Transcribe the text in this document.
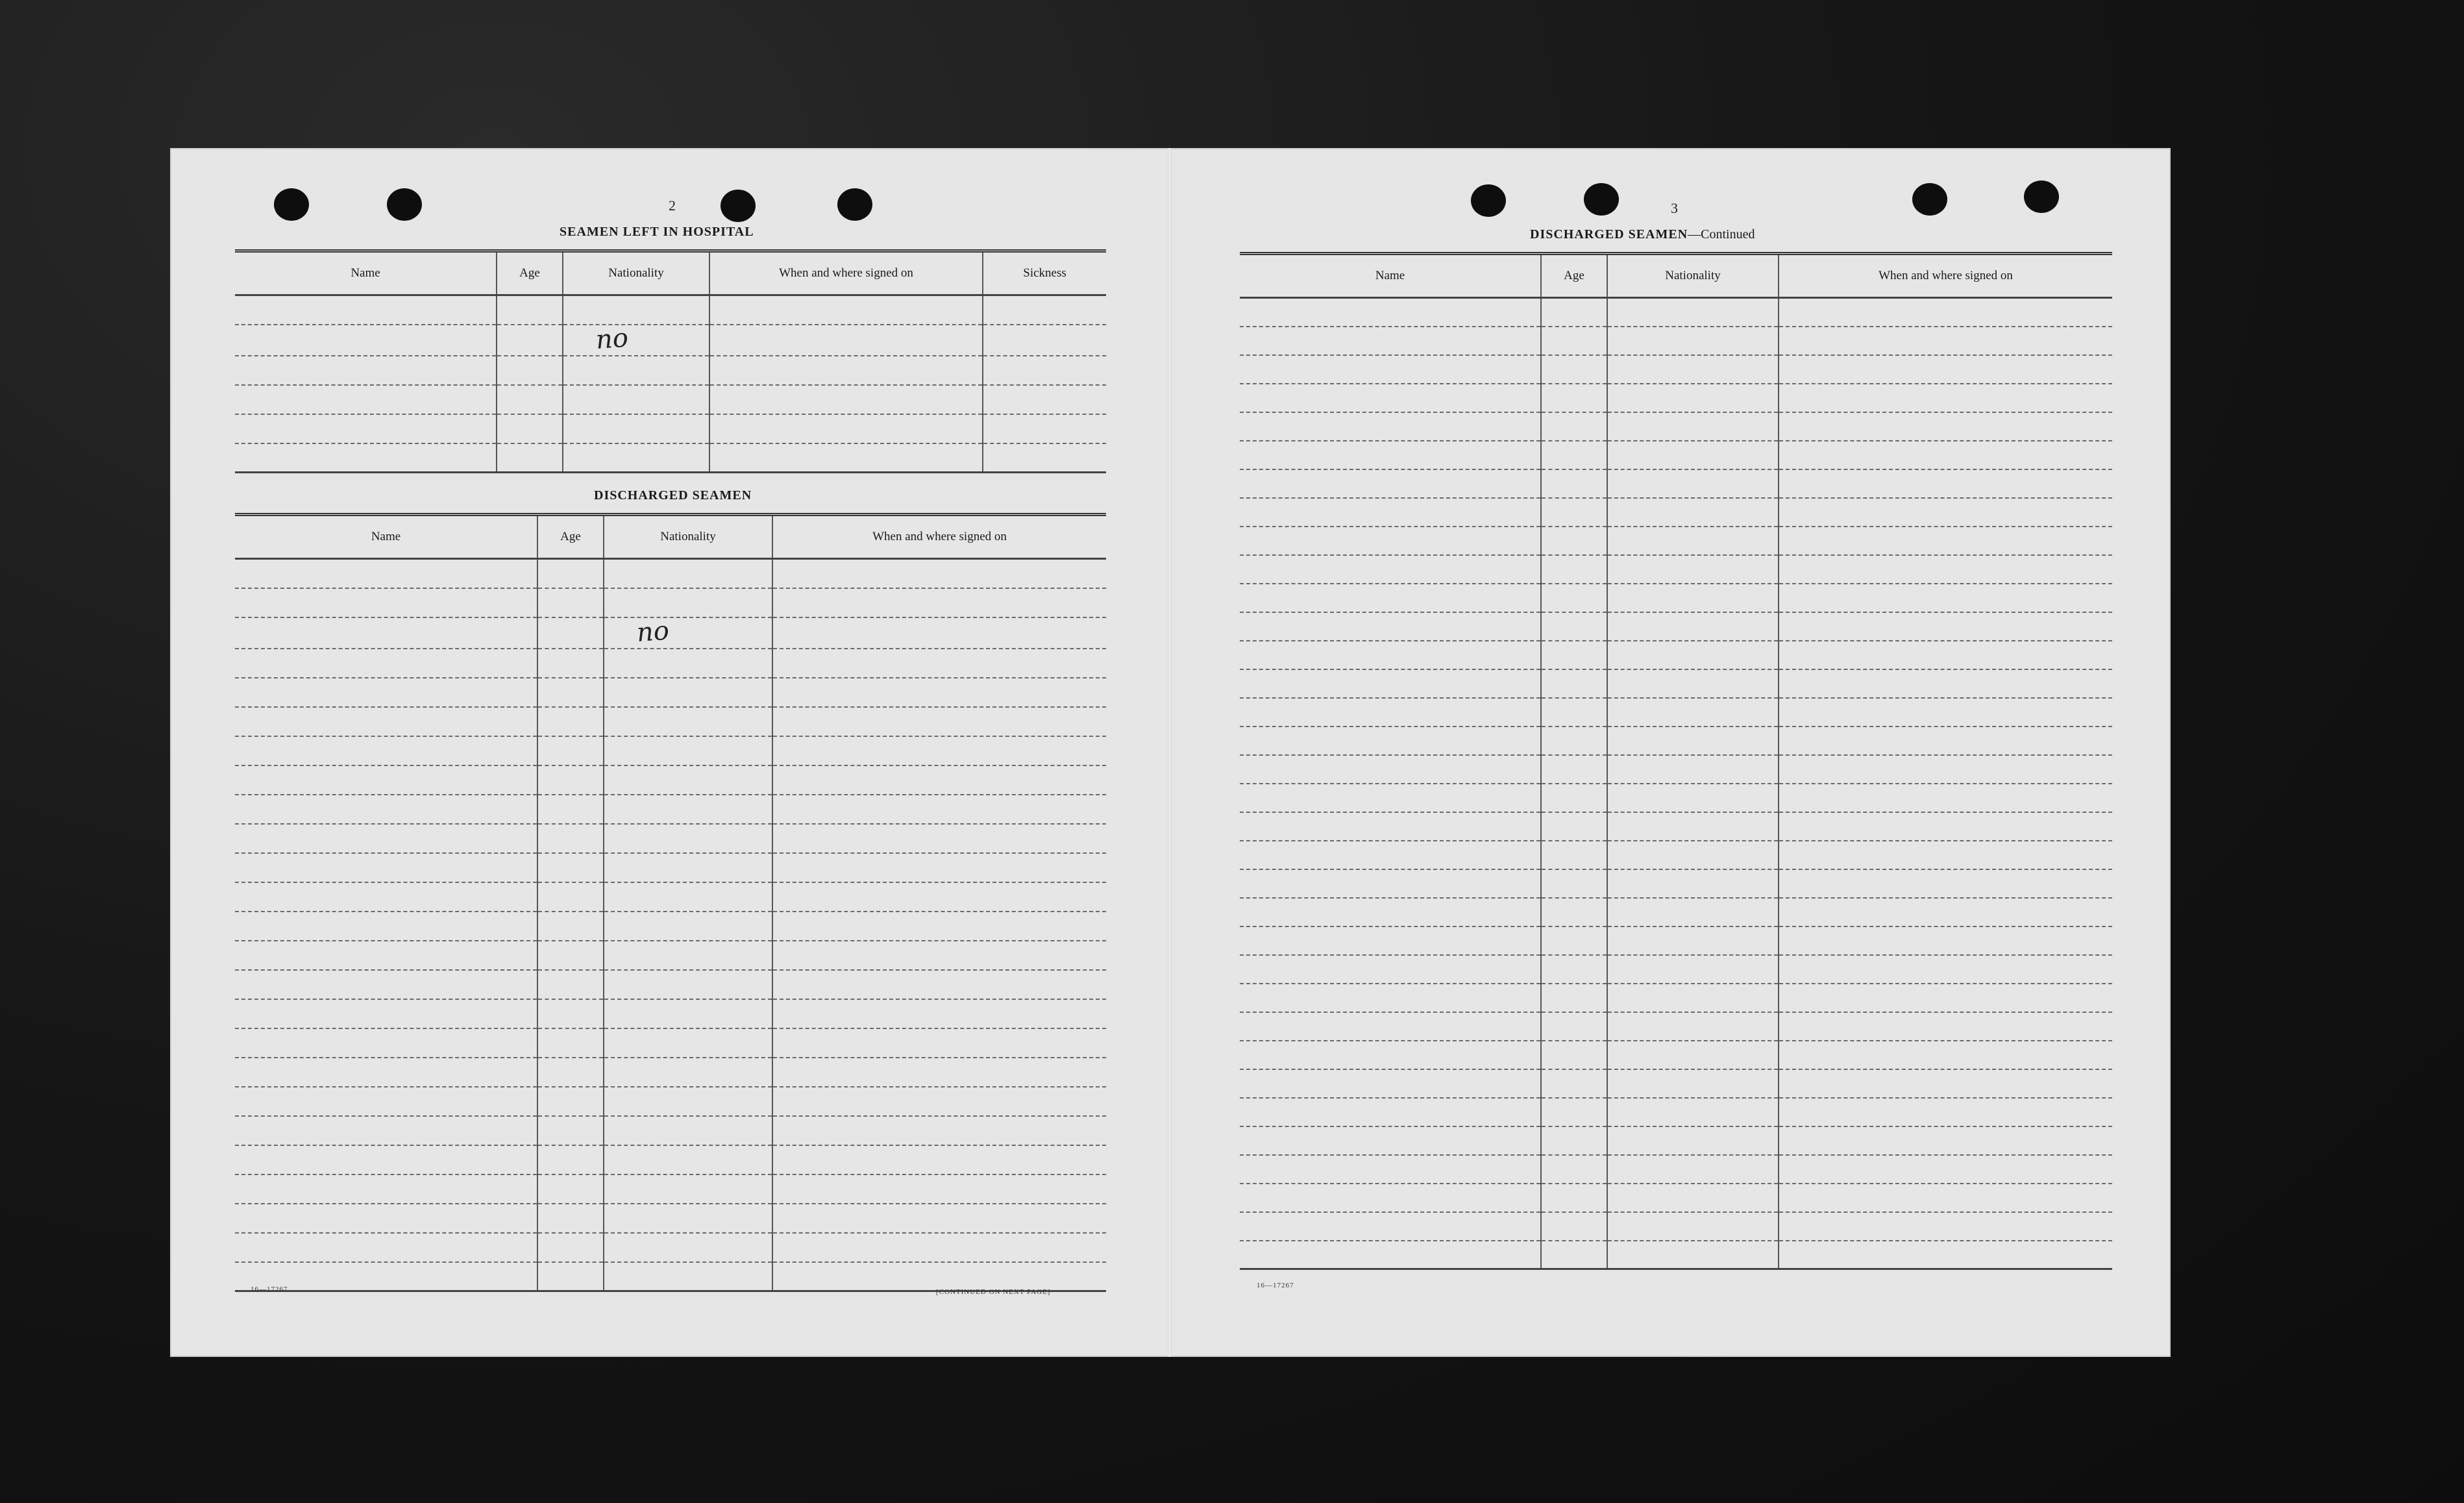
2
SEAMEN LEFT IN HOSPITAL
Name	Age	Nationality	When and where signed on	Sickness

		no		

DISCHARGED SEAMEN
Name	Age	Nationality	When and where signed on

		no	

16—17267	[CONTINUED ON NEXT PAGE]
3
DISCHARGED SEAMEN—Continued
Name	Age	Nationality	When and where signed on

16—17267
